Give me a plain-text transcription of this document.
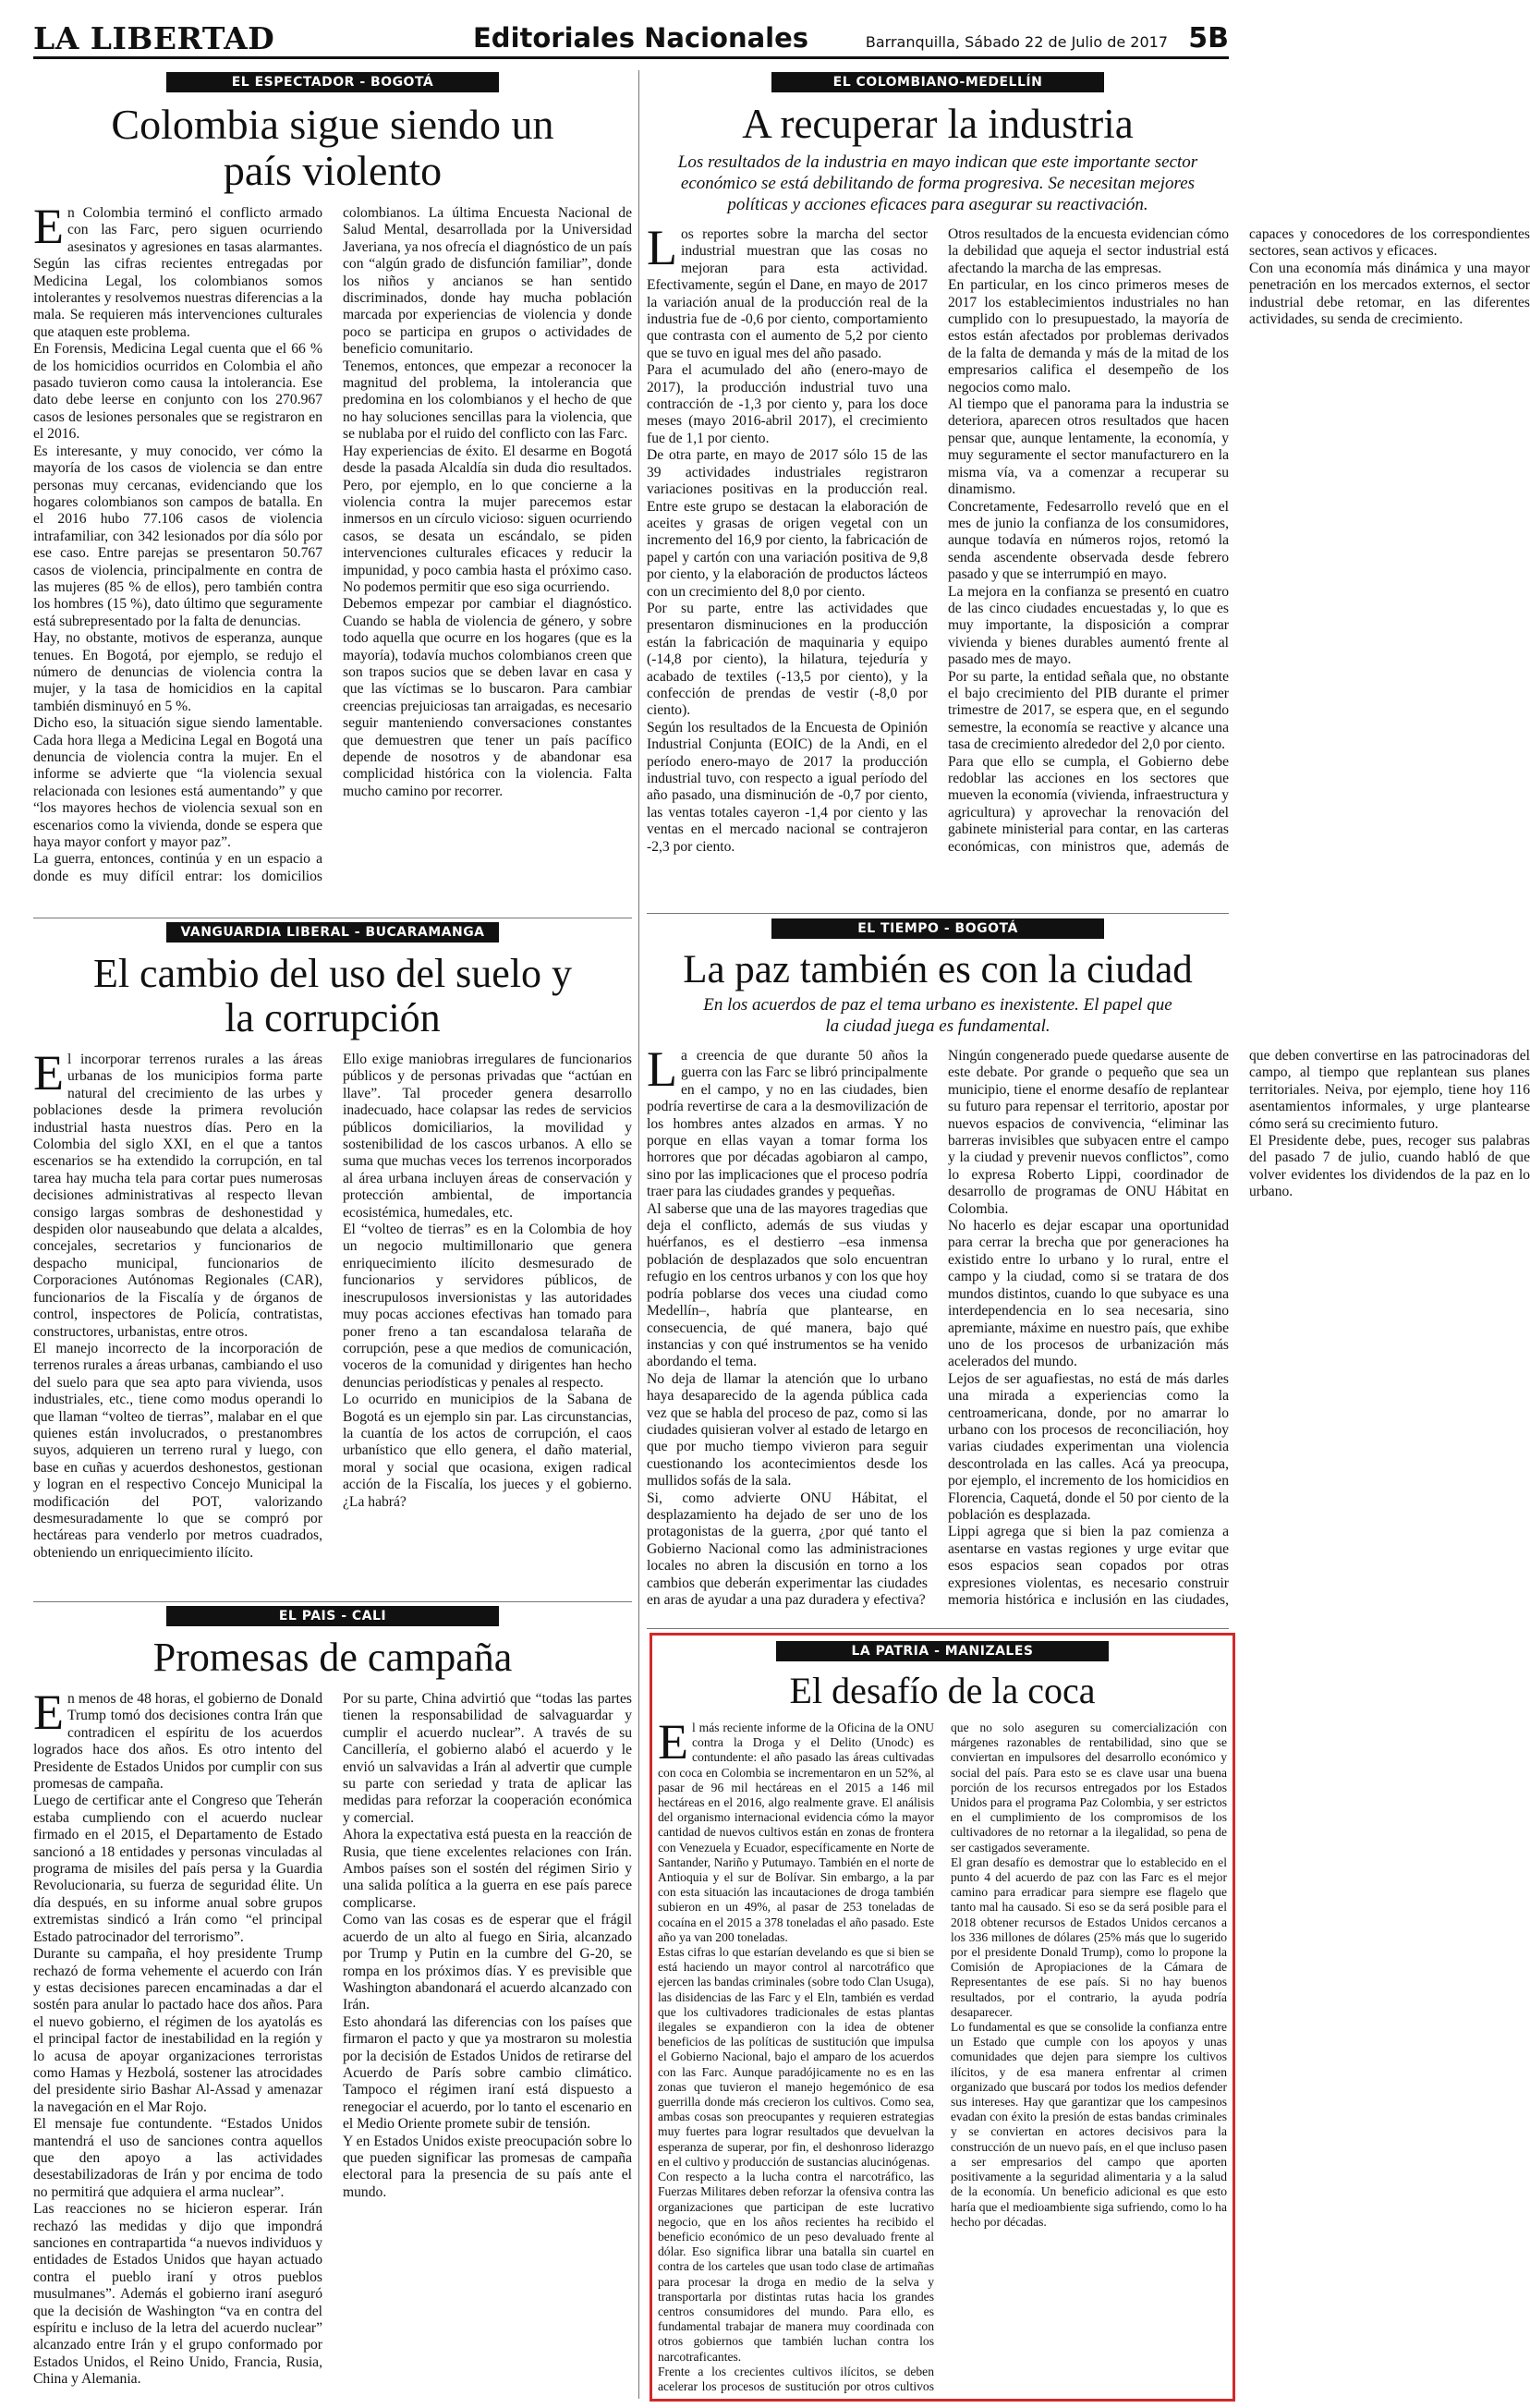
LA LIBERTAD	Editoriales Nacionales	Barranquilla, Sábado 22 de Julio de 2017 5B
EL ESPECTADOR - BOGOTÁ
Colombia sigue siendo un país violento

En Colombia terminó el conflicto armado con las Farc, pero siguen ocurriendo asesinatos y agresiones en tasas alarmantes. Según las cifras recientes entregadas por Medicina Legal, los colombianos somos intolerantes y resolvemos nuestras diferencias a la mala. Se requieren más intervenciones culturales que ataquen este problema.

En Forensis, Medicina Legal cuenta que el 66 % de los homicidios ocurridos en Colombia el año pasado tuvieron como causa la intolerancia. Ese dato debe leerse en conjunto con los 270.967 casos de lesiones personales que se registraron en el 2016.

Es interesante, y muy conocido, ver cómo la mayoría de los casos de violencia se dan entre personas muy cercanas, evidenciando que los hogares colombianos son campos de batalla. En el 2016 hubo 77.106 casos de violencia intrafamiliar, con 342 lesionados por día sólo por ese caso. Entre parejas se presentaron 50.767 casos de violencia, principalmente en contra de las mujeres (85 % de ellos), pero también contra los hombres (15 %), dato último que seguramente está subrepresentado por la falta de denuncias.

Hay, no obstante, motivos de esperanza, aunque tenues. En Bogotá, por ejemplo, se redujo el número de denuncias de violencia contra la mujer, y la tasa de homicidios en la capital también disminuyó en 5 %.

Dicho eso, la situación sigue siendo lamentable. Cada hora llega a Medicina Legal en Bogotá una denuncia de violencia contra la mujer. En el informe se advierte que “la violencia sexual relacionada con lesiones está aumentando” y que “los mayores hechos de violencia sexual son en escenarios como la vivienda, donde se espera que haya mayor confort y mayor paz”.

La guerra, entonces, continúa y en un espacio a donde es muy difícil entrar: los domicilios colombianos. La última Encuesta Nacional de Salud Mental, desarrollada por la Universidad Javeriana, ya nos ofrecía el diagnóstico de un país con “algún grado de disfunción familiar”, donde los niños y ancianos se han sentido discriminados, donde hay mucha población marcada por experiencias de violencia y donde poco se participa en grupos o actividades de beneficio comunitario.

Tenemos, entonces, que empezar a reconocer la magnitud del problema, la intolerancia que predomina en los colombianos y el hecho de que no hay soluciones sencillas para la violencia, que se nublaba por el ruido del conflicto con las Farc.

Hay experiencias de éxito. El desarme en Bogotá desde la pasada Alcaldía sin duda dio resultados. Pero, por ejemplo, en lo que concierne a la violencia contra la mujer parecemos estar inmersos en un círculo vicioso: siguen ocurriendo casos, se desata un escándalo, se piden intervenciones culturales eficaces y reducir la impunidad, y poco cambia hasta el próximo caso. No podemos permitir que eso siga ocurriendo.

Debemos empezar por cambiar el diagnóstico. Cuando se habla de violencia de género, y sobre todo aquella que ocurre en los hogares (que es la mayoría), todavía muchos colombianos creen que son trapos sucios que se deben lavar en casa y que las víctimas se lo buscaron. Para cambiar creencias prejuiciosas tan arraigadas, es necesario seguir manteniendo conversaciones constantes que demuestren que tener un país pacífico depende de nosotros y de abandonar esa complicidad histórica con la violencia. Falta mucho camino por recorrer.

EL COLOMBIANO-MEDELLÍN
A recuperar la industria
Los resultados de la industria en mayo indican que este importante sector económico se está debilitando de forma progresiva. Se necesitan mejores políticas y acciones eficaces para asegurar su reactivación.

Los reportes sobre la marcha del sector industrial muestran que las cosas no mejoran para esta actividad. Efectivamente, según el Dane, en mayo de 2017 la variación anual de la producción real de la industria fue de -0,6 por ciento, comportamiento que contrasta con el aumento de 5,2 por ciento que se tuvo en igual mes del año pasado.

Para el acumulado del año (enero-mayo de 2017), la producción industrial tuvo una contracción de -1,3 por ciento y, para los doce meses (mayo 2016-abril 2017), el crecimiento fue de 1,1 por ciento.

De otra parte, en mayo de 2017 sólo 15 de las 39 actividades industriales registraron variaciones positivas en la producción real. Entre este grupo se destacan la elaboración de aceites y grasas de origen vegetal con un incremento del 16,9 por ciento, la fabricación de papel y cartón con una variación positiva de 9,8 por ciento, y la elaboración de productos lácteos con un crecimiento del 8,0 por ciento.

Por su parte, entre las actividades que presentaron disminuciones en la producción están la fabricación de maquinaria y equipo (-14,8 por ciento), la hilatura, tejeduría y acabado de textiles (-13,5 por ciento), y la confección de prendas de vestir (-8,0 por ciento).

Según los resultados de la Encuesta de Opinión Industrial Conjunta (EOIC) de la Andi, en el período enero-mayo de 2017 la producción industrial tuvo, con respecto a igual período del año pasado, una disminución de -0,7 por ciento, las ventas totales cayeron -1,4 por ciento y las ventas en el mercado nacional se contrajeron -2,3 por ciento.

Otros resultados de la encuesta evidencian cómo la debilidad que aqueja el sector industrial está afectando la marcha de las empresas.

En particular, en los cinco primeros meses de 2017 los establecimientos industriales no han cumplido con lo presupuestado, la mayoría de estos están afectados por problemas derivados de la falta de demanda y más de la mitad de los empresarios califica el desempeño de los negocios como malo.

Al tiempo que el panorama para la industria se deteriora, aparecen otros resultados que hacen pensar que, aunque lentamente, la economía, y muy seguramente el sector manufacturero en la misma vía, va a comenzar a recuperar su dinamismo.

Concretamente, Fedesarrollo reveló que en el mes de junio la confianza de los consumidores, aunque todavía en números rojos, retomó la senda ascendente observada desde febrero pasado y que se interrumpió en mayo.

La mejora en la confianza se presentó en cuatro de las cinco ciudades encuestadas y, lo que es muy importante, la disposición a comprar vivienda y bienes durables aumentó frente al pasado mes de mayo.

Por su parte, la entidad señala que, no obstante el bajo crecimiento del PIB durante el primer trimestre de 2017, se espera que, en el segundo semestre, la economía se reactive y alcance una tasa de crecimiento alrededor del 2,0 por ciento.

Para que ello se cumpla, el Gobierno debe redoblar las acciones en los sectores que mueven la economía (vivienda, infraestructura y agricultura) y aprovechar la renovación del gabinete ministerial para contar, en las carteras económicas, con ministros que, además de capaces y conocedores de los correspondientes sectores, sean activos y eficaces.

Con una economía más dinámica y una mayor penetración en los mercados externos, el sector industrial debe retomar, en las diferentes actividades, su senda de crecimiento.

VANGUARDIA LIBERAL - BUCARAMANGA
El cambio del uso del suelo y la corrupción

El incorporar terrenos rurales a las áreas urbanas de los municipios forma parte natural del crecimiento de las urbes y poblaciones desde la primera revolución industrial hasta nuestros días. Pero en la Colombia del siglo XXI, en el que a tantos escenarios se ha extendido la corrupción, en tal tarea hay mucha tela para cortar pues numerosas decisiones administrativas al respecto llevan consigo largas sombras de deshonestidad y despiden olor nauseabundo que delata a alcaldes, concejales, secretarios y funcionarios de despacho municipal, funcionarios de Corporaciones Autónomas Regionales (CAR), funcionarios de la Fiscalía y de órganos de control, inspectores de Policía, contratistas, constructores, urbanistas, entre otros.

El manejo incorrecto de la incorporación de terrenos rurales a áreas urbanas, cambiando el uso del suelo para que sea apto para vivienda, usos industriales, etc., tiene como modus operandi lo que llaman “volteo de tierras”, malabar en el que quienes están involucrados, o prestanombres suyos, adquieren un terreno rural y luego, con base en cuñas y acuerdos deshonestos, gestionan y logran en el respectivo Concejo Municipal la modificación del POT, valorizando desmesuradamente lo que se compró por hectáreas para venderlo por metros cuadrados, obteniendo un enriquecimiento ilícito.

Ello exige maniobras irregulares de funcionarios públicos y de personas privadas que “actúan en llave”. Tal proceder genera desarrollo inadecuado, hace colapsar las redes de servicios públicos domiciliarios, la movilidad y sostenibilidad de los cascos urbanos. A ello se suma que muchas veces los terrenos incorporados al área urbana incluyen áreas de conservación y protección ambiental, de importancia ecosistémica, humedales, etc.

El “volteo de tierras” es en la Colombia de hoy un negocio multimillonario que genera enriquecimiento ilícito desmesurado de funcionarios y servidores públicos, de inescrupulosos inversionistas y las autoridades muy pocas acciones efectivas han tomado para poner freno a tan escandalosa telaraña de corrupción, pese a que medios de comunicación, voceros de la comunidad y dirigentes han hecho denuncias periodísticas y penales al respecto.

Lo ocurrido en municipios de la Sabana de Bogotá es un ejemplo sin par. Las circunstancias, la cuantía de los actos de corrupción, el caos urbanístico que ello genera, el daño material, moral y social que ocasiona, exigen radical acción de la Fiscalía, los jueces y el gobierno. ¿La habrá?

EL TIEMPO - BOGOTÁ
La paz también es con la ciudad
En los acuerdos de paz el tema urbano es inexistente. El papel que la ciudad juega es fundamental.

La creencia de que durante 50 años la guerra con las Farc se libró principalmente en el campo, y no en las ciudades, bien podría revertirse de cara a la desmovilización de los hombres antes alzados en armas. Y no porque en ellas vayan a tomar forma los horrores que por décadas agobiaron al campo, sino por las implicaciones que el proceso podría traer para las ciudades grandes y pequeñas.

Al saberse que una de las mayores tragedias que deja el conflicto, además de sus viudas y huérfanos, es el destierro –esa inmensa población de desplazados que solo encuentran refugio en los centros urbanos y con los que hoy podría poblarse dos veces una ciudad como Medellín–, habría que plantearse, en consecuencia, de qué manera, bajo qué instancias y con qué instrumentos se ha venido abordando el tema.

No deja de llamar la atención que lo urbano haya desaparecido de la agenda pública cada vez que se habla del proceso de paz, como si las ciudades quisieran volver al estado de letargo en que por mucho tiempo vivieron para seguir cuestionando los acontecimientos desde los mullidos sofás de la sala.

Si, como advierte ONU Hábitat, el desplazamiento ha dejado de ser uno de los protagonistas de la guerra, ¿por qué tanto el Gobierno Nacional como las administraciones locales no abren la discusión en torno a los cambios que deberán experimentar las ciudades en aras de ayudar a una paz duradera y efectiva?

Ningún congenerado puede quedarse ausente de este debate. Por grande o pequeño que sea un municipio, tiene el enorme desafío de replantear su futuro para repensar el territorio, apostar por nuevos espacios de convivencia, “eliminar las barreras invisibles que subyacen entre el campo y la ciudad y prevenir nuevos conflictos”, como lo expresa Roberto Lippi, coordinador de desarrollo de programas de ONU Hábitat en Colombia.

No hacerlo es dejar escapar una oportunidad para cerrar la brecha que por generaciones ha existido entre lo urbano y lo rural, entre el campo y la ciudad, como si se tratara de dos mundos distintos, cuando lo que subyace es una interdependencia en lo sea necesaria, sino apremiante, máxime en nuestro país, que exhibe uno de los procesos de urbanización más acelerados del mundo.

Lejos de ser aguafiestas, no está de más darles una mirada a experiencias como la centroamericana, donde, por no amarrar lo urbano con los procesos de reconciliación, hoy varias ciudades experimentan una violencia descontrolada en las calles. Acá ya preocupa, por ejemplo, el incremento de los homicidios en Florencia, Caquetá, donde el 50 por ciento de la población es desplazada.

Lippi agrega que si bien la paz comienza a asentarse en vastas regiones y urge evitar que esos espacios sean copados por otras expresiones violentas, es necesario construir memoria histórica e inclusión en las ciudades, que deben convertirse en las patrocinadoras del campo, al tiempo que replantean sus planes territoriales. Neiva, por ejemplo, tiene hoy 116 asentamientos informales, y urge plantearse cómo será su crecimiento futuro.

El Presidente debe, pues, recoger sus palabras del pasado 7 de julio, cuando habló de que volver evidentes los dividendos de la paz en lo urbano.

EL PAIS - CALI
Promesas de campaña

En menos de 48 horas, el gobierno de Donald Trump tomó dos decisiones contra Irán que contradicen el espíritu de los acuerdos logrados hace dos años. Es otro intento del Presidente de Estados Unidos por cumplir con sus promesas de campaña.

Luego de certificar ante el Congreso que Teherán estaba cumpliendo con el acuerdo nuclear firmado en el 2015, el Departamento de Estado sancionó a 18 entidades y personas vinculadas al programa de misiles del país persa y la Guardia Revolucionaria, su fuerza de seguridad élite. Un día después, en su informe anual sobre grupos extremistas sindicó a Irán como “el principal Estado patrocinador del terrorismo”.

Durante su campaña, el hoy presidente Trump rechazó de forma vehemente el acuerdo con Irán y estas decisiones parecen encaminadas a dar el sostén para anular lo pactado hace dos años. Para el nuevo gobierno, el régimen de los ayatolás es el principal factor de inestabilidad en la región y lo acusa de apoyar organizaciones terroristas como Hamas y Hezbolá, sostener las atrocidades del presidente sirio Bashar Al-Assad y amenazar la navegación en el Mar Rojo.

El mensaje fue contundente. “Estados Unidos mantendrá el uso de sanciones contra aquellos que den apoyo a las actividades desestabilizadoras de Irán y por encima de todo no permitirá que adquiera el arma nuclear”.

Las reacciones no se hicieron esperar. Irán rechazó las medidas y dijo que impondrá sanciones en contrapartida “a nuevos individuos y entidades de Estados Unidos que hayan actuado contra el pueblo iraní y otros pueblos musulmanes”. Además el gobierno iraní aseguró que la decisión de Washington “va en contra del espíritu e incluso de la letra del acuerdo nuclear” alcanzado entre Irán y el grupo conformado por Estados Unidos, el Reino Unido, Francia, Rusia, China y Alemania.

Por su parte, China advirtió que “todas las partes tienen la responsabilidad de salvaguardar y cumplir el acuerdo nuclear”. A través de su Cancillería, el gobierno alabó el acuerdo y le envió un salvavidas a Irán al advertir que cumple su parte con seriedad y trata de aplicar las medidas para reforzar la cooperación económica y comercial.

Ahora la expectativa está puesta en la reacción de Rusia, que tiene excelentes relaciones con Irán. Ambos países son el sostén del régimen Sirio y una salida política a la guerra en ese país parece complicarse.

Como van las cosas es de esperar que el frágil acuerdo de un alto al fuego en Siria, alcanzado por Trump y Putin en la cumbre del G-20, se rompa en los próximos días. Y es previsible que Washington abandonará el acuerdo alcanzado con Irán.

Esto ahondará las diferencias con los países que firmaron el pacto y que ya mostraron su molestia por la decisión de Estados Unidos de retirarse del Acuerdo de París sobre cambio climático. Tampoco el régimen iraní está dispuesto a renegociar el acuerdo, por lo tanto el escenario en el Medio Oriente promete subir de tensión.

Y en Estados Unidos existe preocupación sobre lo que pueden significar las promesas de campaña electoral para la presencia de su país ante el mundo.

LA PATRIA - MANIZALES
El desafío de la coca

El más reciente informe de la Oficina de la ONU contra la Droga y el Delito (Unodc) es contundente: el año pasado las áreas cultivadas con coca en Colombia se incrementaron en un 52%, al pasar de 96 mil hectáreas en el 2015 a 146 mil hectáreas en el 2016, algo realmente grave. El análisis del organismo internacional evidencia cómo la mayor cantidad de nuevos cultivos están en zonas de frontera con Venezuela y Ecuador, específicamente en Norte de Santander, Nariño y Putumayo. También en el norte de Antioquia y el sur de Bolívar. Sin embargo, a la par con esta situación las incautaciones de droga también subieron en un 49%, al pasar de 253 toneladas de cocaína en el 2015 a 378 toneladas el año pasado. Este año ya van 200 toneladas.

Estas cifras lo que estarían develando es que si bien se está haciendo un mayor control al narcotráfico que ejercen las bandas criminales (sobre todo Clan Usuga), las disidencias de las Farc y el Eln, también es verdad que los cultivadores tradicionales de estas plantas ilegales se expandieron con la idea de obtener beneficios de las políticas de sustitución que impulsa el Gobierno Nacional, bajo el amparo de los acuerdos con las Farc. Aunque paradójicamente no es en las zonas que tuvieron el manejo hegemónico de esa guerrilla donde más crecieron los cultivos. Como sea, ambas cosas son preocupantes y requieren estrategias muy fuertes para lograr resultados que devuelvan la esperanza de superar, por fin, el deshonroso liderazgo en el cultivo y producción de sustancias alucinógenas.

Con respecto a la lucha contra el narcotráfico, las Fuerzas Militares deben reforzar la ofensiva contra las organizaciones que participan de este lucrativo negocio, que en los años recientes ha recibido el beneficio económico de un peso devaluado frente al dólar. Eso significa librar una batalla sin cuartel en contra de los carteles que usan todo clase de artimañas para procesar la droga en medio de la selva y transportarla por distintas rutas hacia los grandes centros consumidores del mundo. Para ello, es fundamental trabajar de manera muy coordinada con otros gobiernos que también luchan contra los narcotraficantes.

Frente a los crecientes cultivos ilícitos, se deben acelerar los procesos de sustitución por otros cultivos que no solo aseguren su comercialización con márgenes razonables de rentabilidad, sino que se conviertan en impulsores del desarrollo económico y social del país. Para esto se es clave usar una buena porción de los recursos entregados por los Estados Unidos para el programa Paz Colombia, y ser estrictos en el cumplimiento de los compromisos de los cultivadores de no retornar a la ilegalidad, so pena de ser castigados severamente.

El gran desafío es demostrar que lo establecido en el punto 4 del acuerdo de paz con las Farc es el mejor camino para erradicar para siempre ese flagelo que tanto mal ha causado. Si eso se da será posible para el 2018 obtener recursos de Estados Unidos cercanos a los 336 millones de dólares (25% más que lo sugerido por el presidente Donald Trump), como lo propone la Comisión de Apropiaciones de la Cámara de Representantes de ese país. Si no hay buenos resultados, por el contrario, la ayuda podría desaparecer.

Lo fundamental es que se consolide la confianza entre un Estado que cumple con los apoyos y unas comunidades que dejen para siempre los cultivos ilícitos, y de esa manera enfrentar al crimen organizado que buscará por todos los medios defender sus intereses. Hay que garantizar que los campesinos evadan con éxito la presión de estas bandas criminales y se conviertan en actores decisivos para la construcción de un nuevo país, en el que incluso pasen a ser empresarios del campo que aporten positivamente a la seguridad alimentaria y a la salud de la economía. Un beneficio adicional es que esto haría que el medioambiente siga sufriendo, como lo ha hecho por décadas.
